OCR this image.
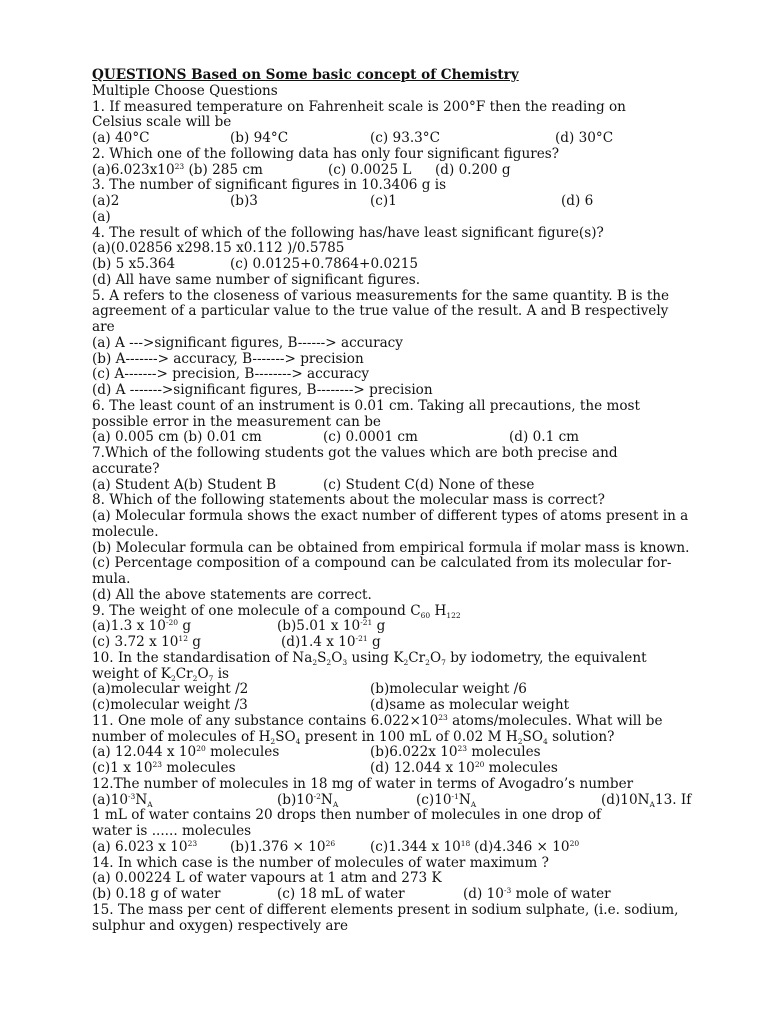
QUESTIONS Based on Some basic concept of Chemistry
Multiple Choose Questions
1. If measured temperature on Fahrenheit scale is 200°F then the reading on
Celsius scale will be
(a) 40°C	(b) 94°C	(c) 93.3°C	(d) 30°C
2. Which one of the following data has only four significant figures?
$(a)6.023x10^{23}$ (b) 285 cm	(c) 0.0025 L (d) 0.200 g
3. The number of significant figures in 10.3406 g is
(a)2	(b)3	(c)1	(d) 6
(a)
4. The result of which of the following has/have least significant figure(s)?
(a)(0.02856 x298.15 x0.112 )/0.5785
(b) 5 x5.364	(c) 0.0125+0.7864+0.0215
(d) All have same number of significant figures.
5. A refers to the closeness of various measurements for the same quantity. B is the
agreement of a particular value to the true value of the result. A and B respectively
are
(a) A --->significant figures, B------> accuracy
(b) A-------> accuracy, B-------> precision
(c) A-------> precision, B--------> accuracy
(d) A ------->significant figures, B--------> precision
6. The least count of an instrument is 0.01 cm. Taking all precautions, the most
possible error in the measurement can be
(a) 0.005 cm (b) 0.01 cm	(c) 0.0001 cm	(d) 0.1 cm
7.Which of the following students got the values which are both precise and
accurate?
(a) Student A(b) Student B	(c) Student C(d) None of these
8. Which of the following statements about the molecular mass is correct?
(a) Molecular formula shows the exact number of different types of atoms present in a
molecule.
(b) Molecular formula can be obtained from empirical formula if molar mass is known.
(c) Percentage composition of a compound can be calculated from its molecular for-
mula.
(d) All the above statements are correct.
9. The weight of one molecule of a compound $C_{60}$ $H_{122}$
(a)1.3 x $10^{-20}$ g	(b)5.01 x $10^{-21}$ g
(c) 3.72 x $10^{12}$ g	(d)1.4 x $10^{-21}$ g
10. In the standardisation of $Na_2S_2O_3$ using $K_2Cr_2O_7$ by iodometry, the equivalent
weight of $K_2Cr_2O_7$ is
(a)molecular weight /2	(b)molecular weight /6
(c)molecular weight /3	(d)same as molecular weight
11. One mole of any substance contains $6.022\times 10^{23}$ atoms/molecules. What will be
number of molecules of $H_2SO_4$ present in 100 mL of 0.02 M $H_2SO_4$ solution?
(a) 12.044 x $10^{20}$ molecules	(b)6.022x $10^{23}$ molecules
(c)1 x $10^{23}$ molecules	(d) 12.044 x $10^{20}$ molecules
12.The number of molecules in 18 mg of water in terms of Avogadro’s number
$(a)10^{-3}N_A$	$(b)10^{-2}N_A$	$(c)10^{-1}N_A$	$(d)10N_A13$. If
1 mL of water contains 20 drops then number of molecules in one drop of
water is ...... molecules
(a) 6.023 x $10^{23}$ $(b)1.376 \times 10^{26}$	(c)1.344 x $10^{18}$ $(d)4.346 \times 10^{20}$
14. In which case is the number of molecules of water maximum ?
(a) 0.00224 L of water vapours at 1 atm and 273 K
(b) 0.18 g of water	(c) 18 mL of water	(d) $10^{-3}$ mole of water
15. The mass per cent of different elements present in sodium sulphate, (i.e. sodium,
sulphur and oxygen) respectively are
